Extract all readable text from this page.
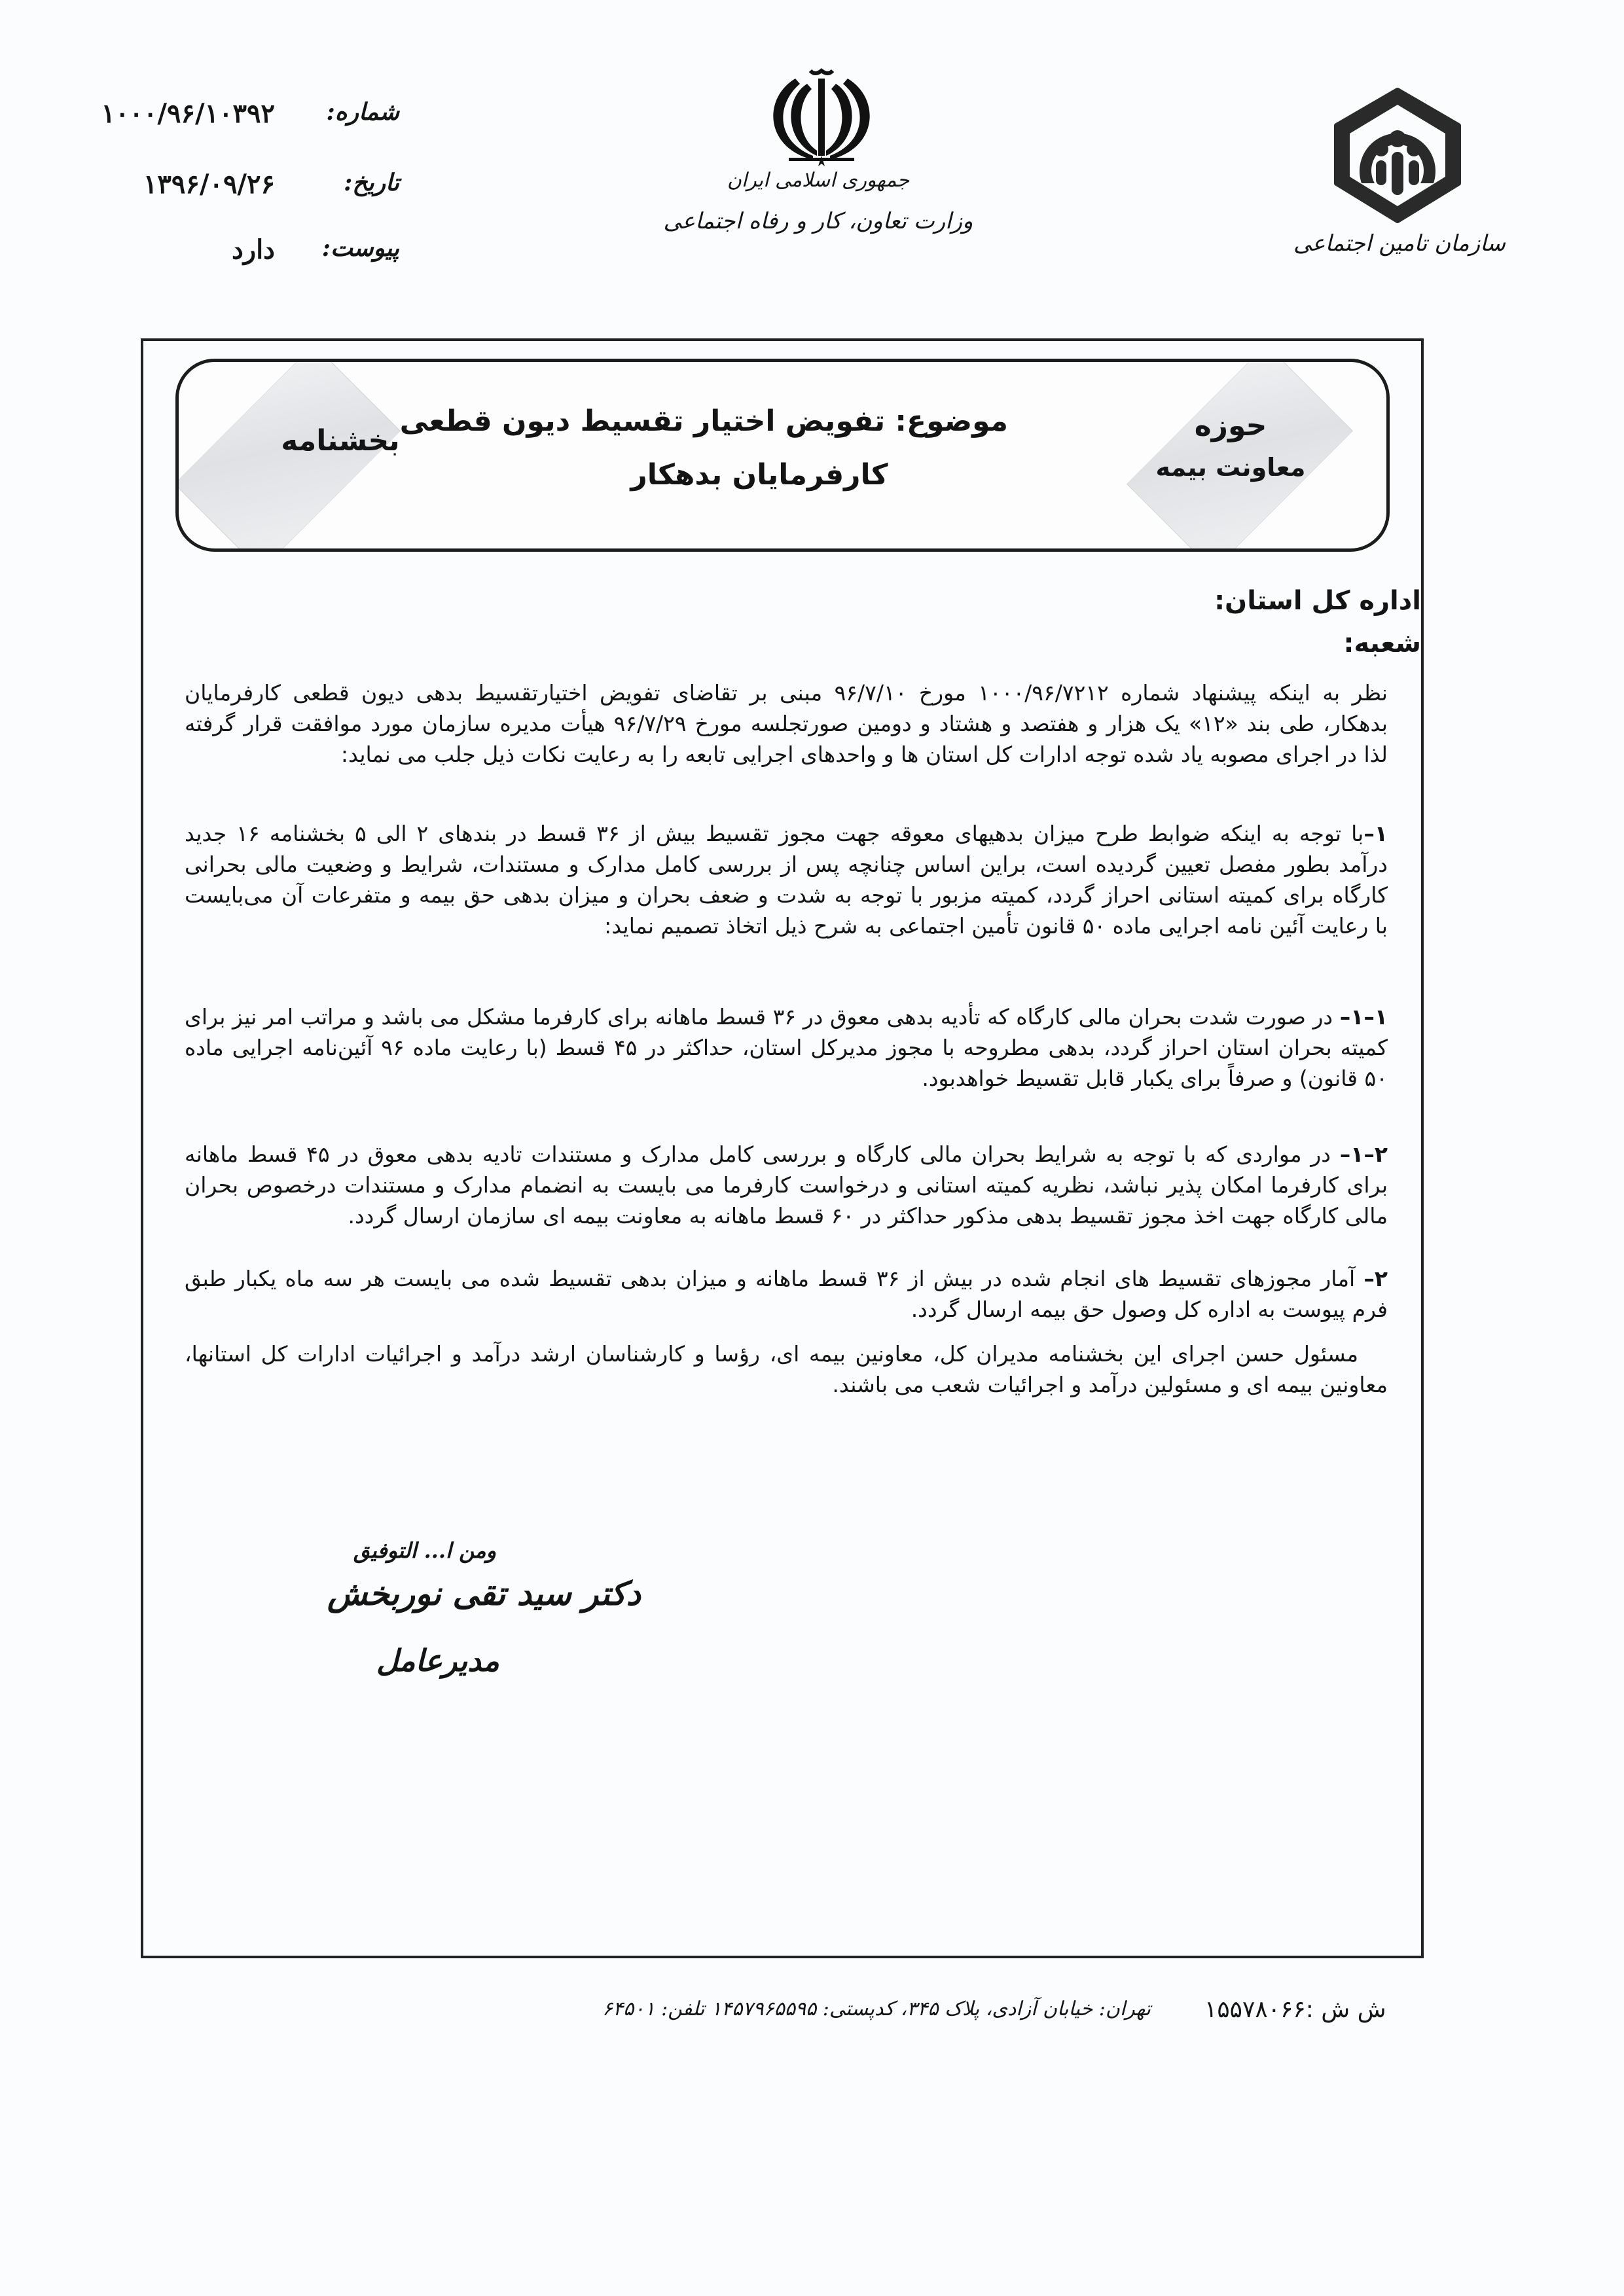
شماره:
۱۰۰۰/۹۶/۱۰۳۹۲
تاریخ:
۱۳۹۶/۰۹/۲۶
پیوست:
دارد
جمهوری اسلامی ایران
وزارت تعاون، کار و رفاه اجتماعی
سازمان تامین اجتماعی
بخشنامه
موضوع: تفویض اختیار تقسیط دیون قطعی
کارفرمایان بدهکار
حوزه
معاونت بیمه
اداره کل استان:
شعبه:
نظر به اینکه پیشنهاد شماره ۱۰۰۰/۹۶/۷۲۱۲ مورخ ۹۶/۷/۱۰ مبنی بر تقاضای تفویض اختیارتقسیط بدهی دیون قطعی کارفرمایان
بدهکار، طی بند «۱۲» یک هزار و هفتصد و هشتاد و دومین صورتجلسه مورخ ۹۶/۷/۲۹ هیأت مدیره سازمان مورد موافقت قرار گرفته
لذا در اجرای مصوبه یاد شده توجه ادارات کل استان ها و واحدهای اجرایی تابعه را به رعایت نکات ذیل جلب می نماید:
۱–با توجه به اینکه ضوابط طرح میزان بدهیهای معوقه جهت مجوز تقسیط بیش از ۳۶ قسط در بندهای ۲ الی ۵ بخشنامه ۱۶ جدید
درآمد بطور مفصل تعیین گردیده است، براین اساس چنانچه پس از بررسی کامل مدارک و مستندات، شرایط و وضعیت مالی بحرانی
کارگاه برای کمیته استانی احراز گردد، کمیته مزبور با توجه به شدت و ضعف بحران و میزان بدهی حق بیمه و متفرعات آن می‌بایست
با رعایت آئین نامه اجرایی ماده ۵۰ قانون تأمین اجتماعی به شرح ذیل اتخاذ تصمیم نماید:
۱–۱– در صورت شدت بحران مالی کارگاه که تأدیه بدهی معوق در ۳۶ قسط ماهانه برای کارفرما مشکل می باشد و مراتب امر نیز برای
کمیته بحران استان احراز گردد، بدهی مطروحه با مجوز مدیرکل استان، حداکثر در ۴۵ قسط (با رعایت ماده ۹۶ آئین‌نامه اجرایی ماده
۵۰ قانون) و صرفاً برای یکبار قابل تقسیط خواهدبود.
۲–۱– در مواردی که با توجه به شرایط بحران مالی کارگاه و بررسی کامل مدارک و مستندات تادیه بدهی معوق در ۴۵ قسط ماهانه
برای کارفرما امکان پذیر نباشد، نظریه کمیته استانی و درخواست کارفرما می بایست به انضمام مدارک و مستندات درخصوص بحران
مالی کارگاه جهت اخذ مجوز تقسیط بدهی مذکور حداکثر در ۶۰ قسط ماهانه به معاونت بیمه ای سازمان ارسال گردد.
۲– آمار مجوزهای تقسیط های انجام شده در بیش از ۳۶ قسط ماهانه و میزان بدهی تقسیط شده می بایست هر سه ماه یکبار طبق
فرم پیوست به اداره کل وصول حق بیمه ارسال گردد.
مسئول حسن اجرای این بخشنامه مدیران کل، معاونین بیمه ای، رؤسا و کارشناسان ارشد درآمد و اجرائیات ادارات کل استانها،
معاونین بیمه ای و مسئولین درآمد و اجرائیات شعب می باشند.
ومن ا... التوفیق
دکتر سید تقی نوربخش
مدیرعامل
تهران: خیابان آزادی، پلاک ۳۴۵، کدپستی: ۱۴۵۷۹۶۵۵۹۵ تلفن: ۶۴۵۰۱ ش ش :۱۵۵۷۸۰۶۶
